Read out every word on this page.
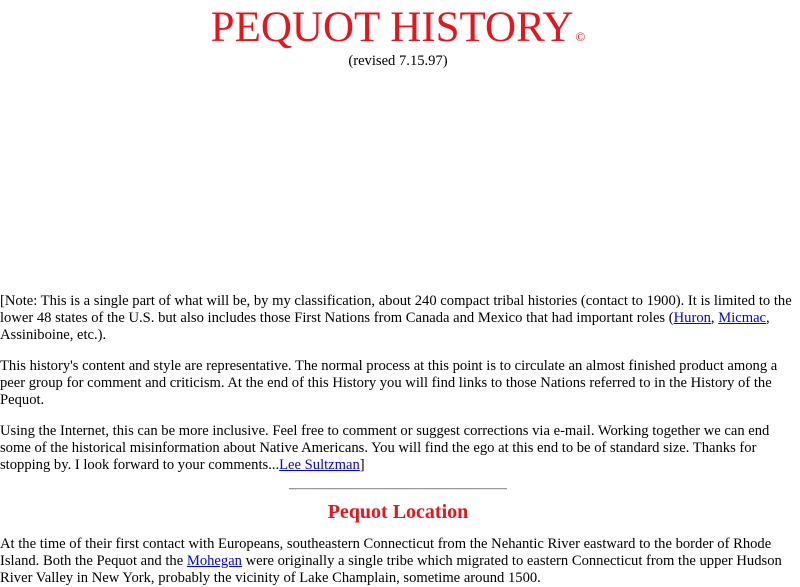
PEQUOT HISTORY ©
(revised 7.15.97)

[Note: This is a single part of what will be, by my classification, about 240 compact tribal histories (contact to 1900). It is limited to the lower 48 states of the U.S. but also includes those First Nations from Canada and Mexico that had important roles (Huron, Micmac, Assiniboine, etc.).

This history's content and style are representative. The normal process at this point is to circulate an almost finished product among a peer group for comment and criticism. At the end of this History you will find links to those Nations referred to in the History of the Pequot.

Using the Internet, this can be more inclusive. Feel free to comment or suggest corrections via e-mail. Working together we can end some of the historical misinformation about Native Americans. You will find the ego at this end to be of standard size. Thanks for stopping by. I look forward to your comments...Lee Sultzman]

Pequot Location

At the time of their first contact with Europeans, southeastern Connecticut from the Nehantic River eastward to the border of Rhode Island. Both the Pequot and the Mohegan were originally a single tribe which migrated to eastern Connecticut from the upper Hudson River Valley in New York, probably the vicinity of Lake Champlain, sometime around 1500.
